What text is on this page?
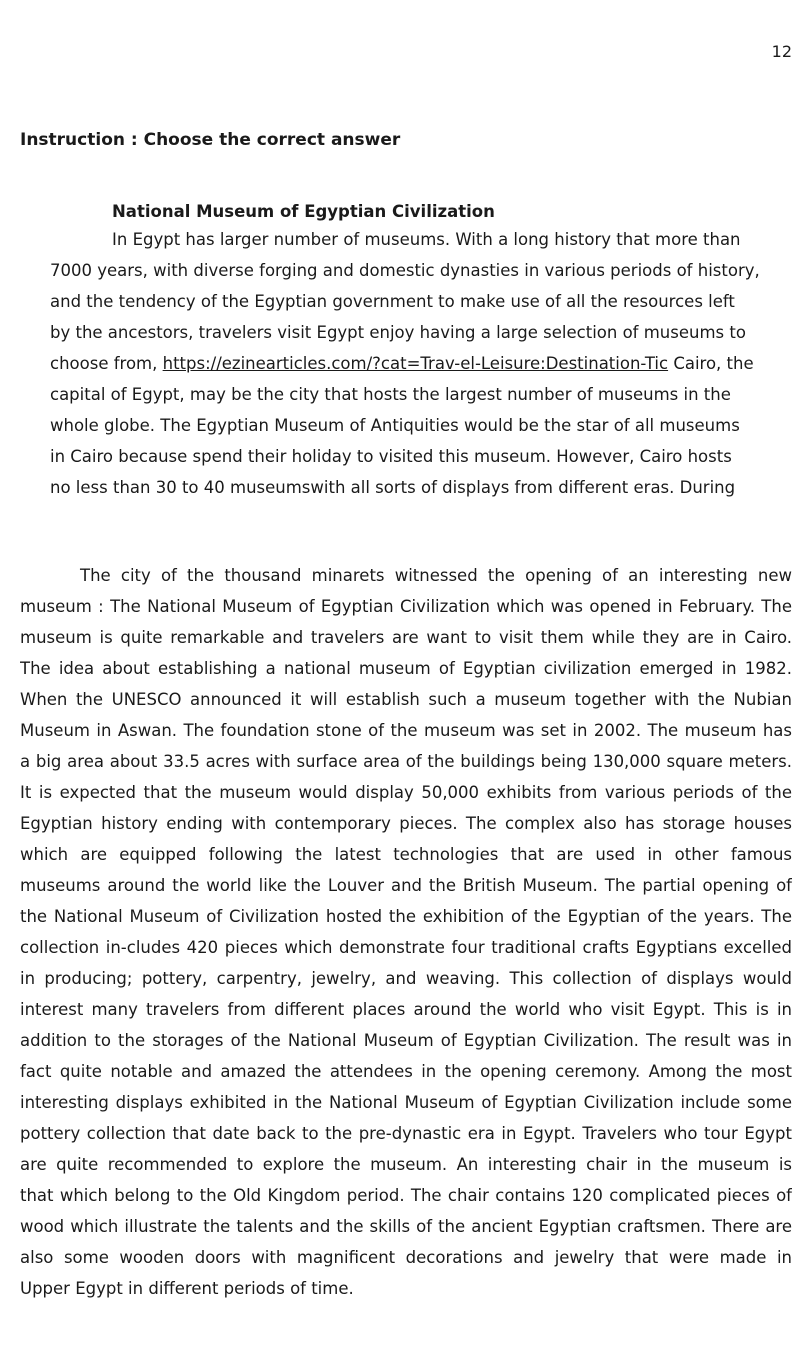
12
Instruction : Choose the correct answer
National Museum of Egyptian Civilization
In Egypt has larger number of museums. With a long history that more than
7000 years, with diverse forging and domestic dynasties in various periods of history,
and the tendency of the Egyptian government to make use of all the resources left
by the ancestors, travelers visit Egypt enjoy having a large selection of museums to
choose from, https://ezinearticles.com/?cat=Trav-el-Leisure:Destination-Tic Cairo, the
capital of Egypt, may be the city that hosts the largest number of museums in the
whole globe. The Egyptian Museum of Antiquities would be the star of all museums
in Cairo because spend their holiday to visited this museum. However, Cairo hosts
no less than 30 to 40 museumswith all sorts of displays from different eras. During
The city of the thousand minarets witnessed the opening of an interesting new
museum : The National Museum of Egyptian Civilization which was opened in February. The
museum is quite remarkable and travelers are want to visit them while they are in Cairo.
The idea about establishing a national museum of Egyptian civilization emerged in 1982.
When the UNESCO announced it will establish such a museum together with the Nubian
Museum in Aswan. The foundation stone of the museum was set in 2002. The museum has
a big area about 33.5 acres with surface area of the buildings being 130,000 square meters.
It is expected that the museum would display 50,000 exhibits from various periods of the
Egyptian history ending with contemporary pieces. The complex also has storage houses
which are equipped following the latest technologies that are used in other famous
museums around the world like the Louver and the British Museum. The partial opening of
the National Museum of Civilization hosted the exhibition of the Egyptian of the years. The
collection in-cludes 420 pieces which demonstrate four traditional crafts Egyptians excelled
in producing; pottery, carpentry, jewelry, and weaving. This collection of displays would
interest many travelers from different places around the world who visit Egypt. This is in
addition to the storages of the National Museum of Egyptian Civilization. The result was in
fact quite notable and amazed the attendees in the opening ceremony. Among the most
interesting displays exhibited in the National Museum of Egyptian Civilization include some
pottery collection that date back to the pre-dynastic era in Egypt. Travelers who tour Egypt
are quite recommended to explore the museum. An interesting chair in the museum is
that which belong to the Old Kingdom period. The chair contains 120 complicated pieces of
wood which illustrate the talents and the skills of the ancient Egyptian craftsmen. There are
also some wooden doors with magnificent decorations and jewelry that were made in
Upper Egypt in different periods of time.
